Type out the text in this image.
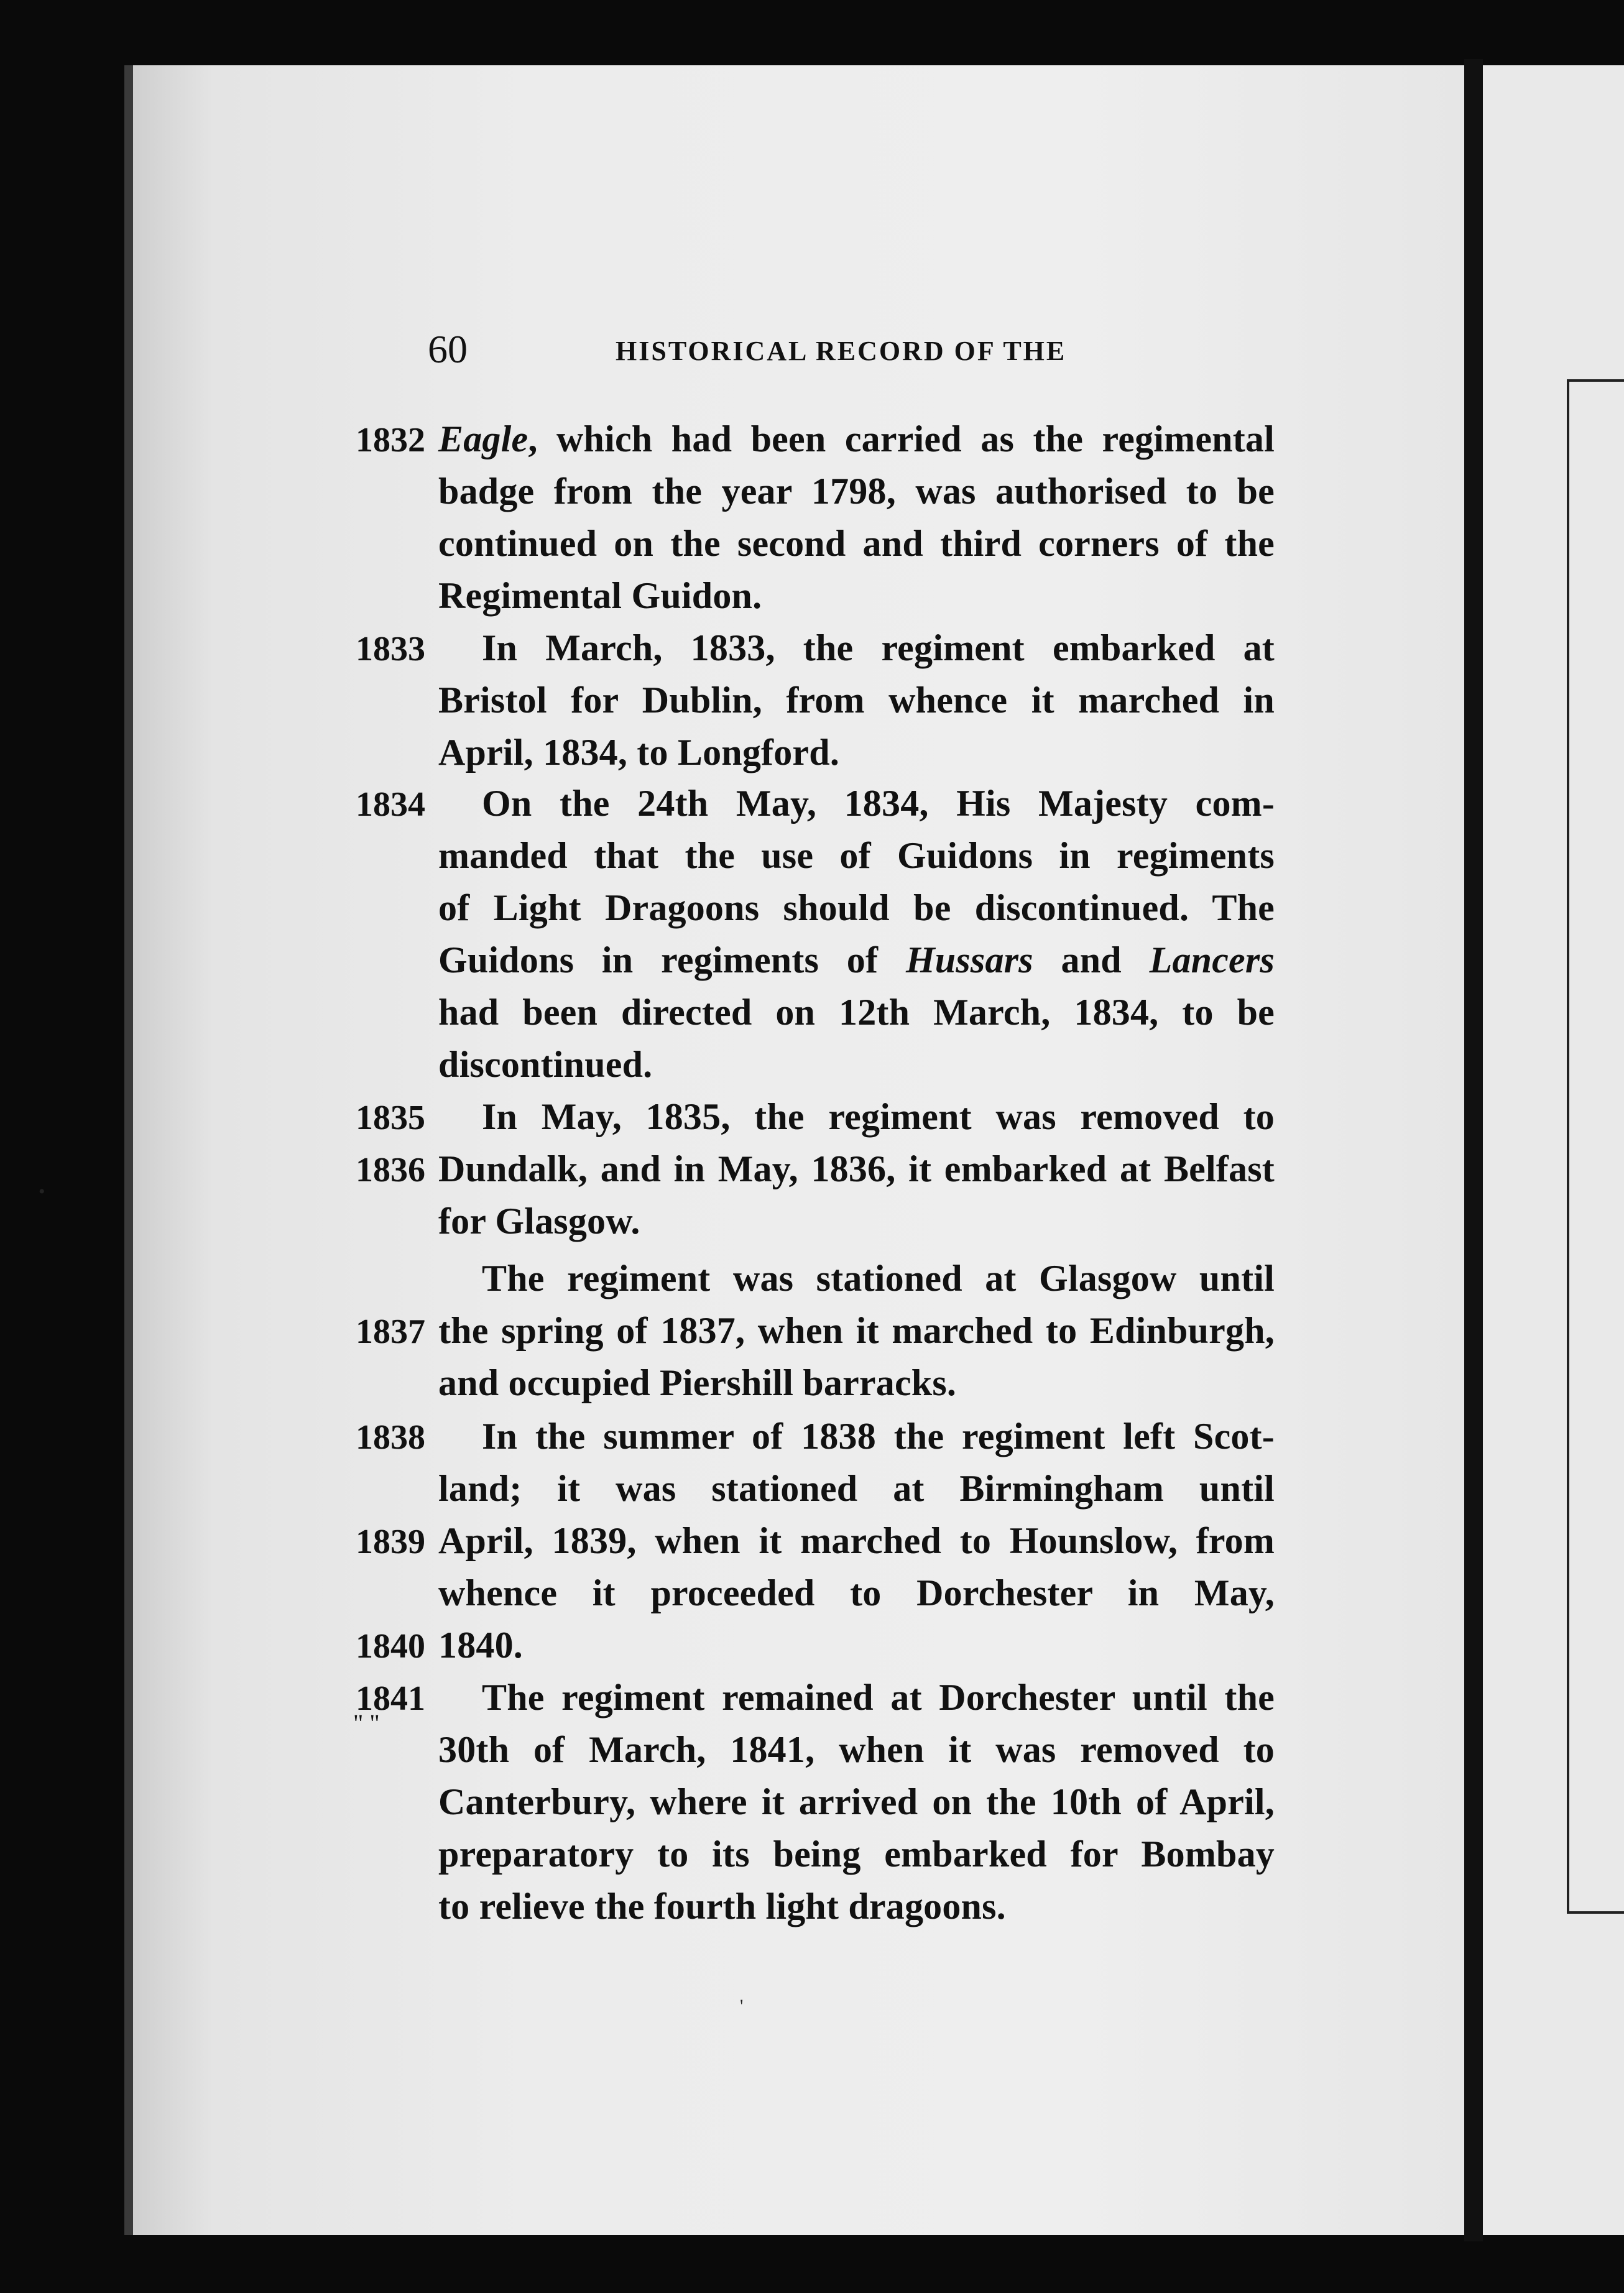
60	HISTORICAL RECORD OF THE
1832 Eagle, which had been carried as the regimental
badge from the year 1798, was authorised to be
continued on the second and third corners of the
Regimental Guidon.
1833 In March, 1833, the regiment embarked at
Bristol for Dublin, from whence it marched in
April, 1834, to Longford.
1834 On the 24th May, 1834, His Majesty com-
manded that the use of Guidons in regiments
of Light Dragoons should be discontinued. The
Guidons in regiments of Hussars and Lancers
had been directed on 12th March, 1834, to be
discontinued.
1835 In May, 1835, the regiment was removed to
1836 Dundalk, and in May, 1836, it embarked at Belfast
for Glasgow.
The regiment was stationed at Glasgow until
1837 the spring of 1837, when it marched to Edinburgh,
and occupied Piershill barracks.
1838 In the summer of 1838 the regiment left Scot-
land; it was stationed at Birmingham until
1839 April, 1839, when it marched to Hounslow, from
whence it proceeded to Dorchester in May,
1840 1840.
1841 The regiment remained at Dorchester until the
30th of March, 1841, when it was removed to
Canterbury, where it arrived on the 10th of April,
preparatory to its being embarked for Bombay
to relieve the fourth light dragoons.
" "
•
'
